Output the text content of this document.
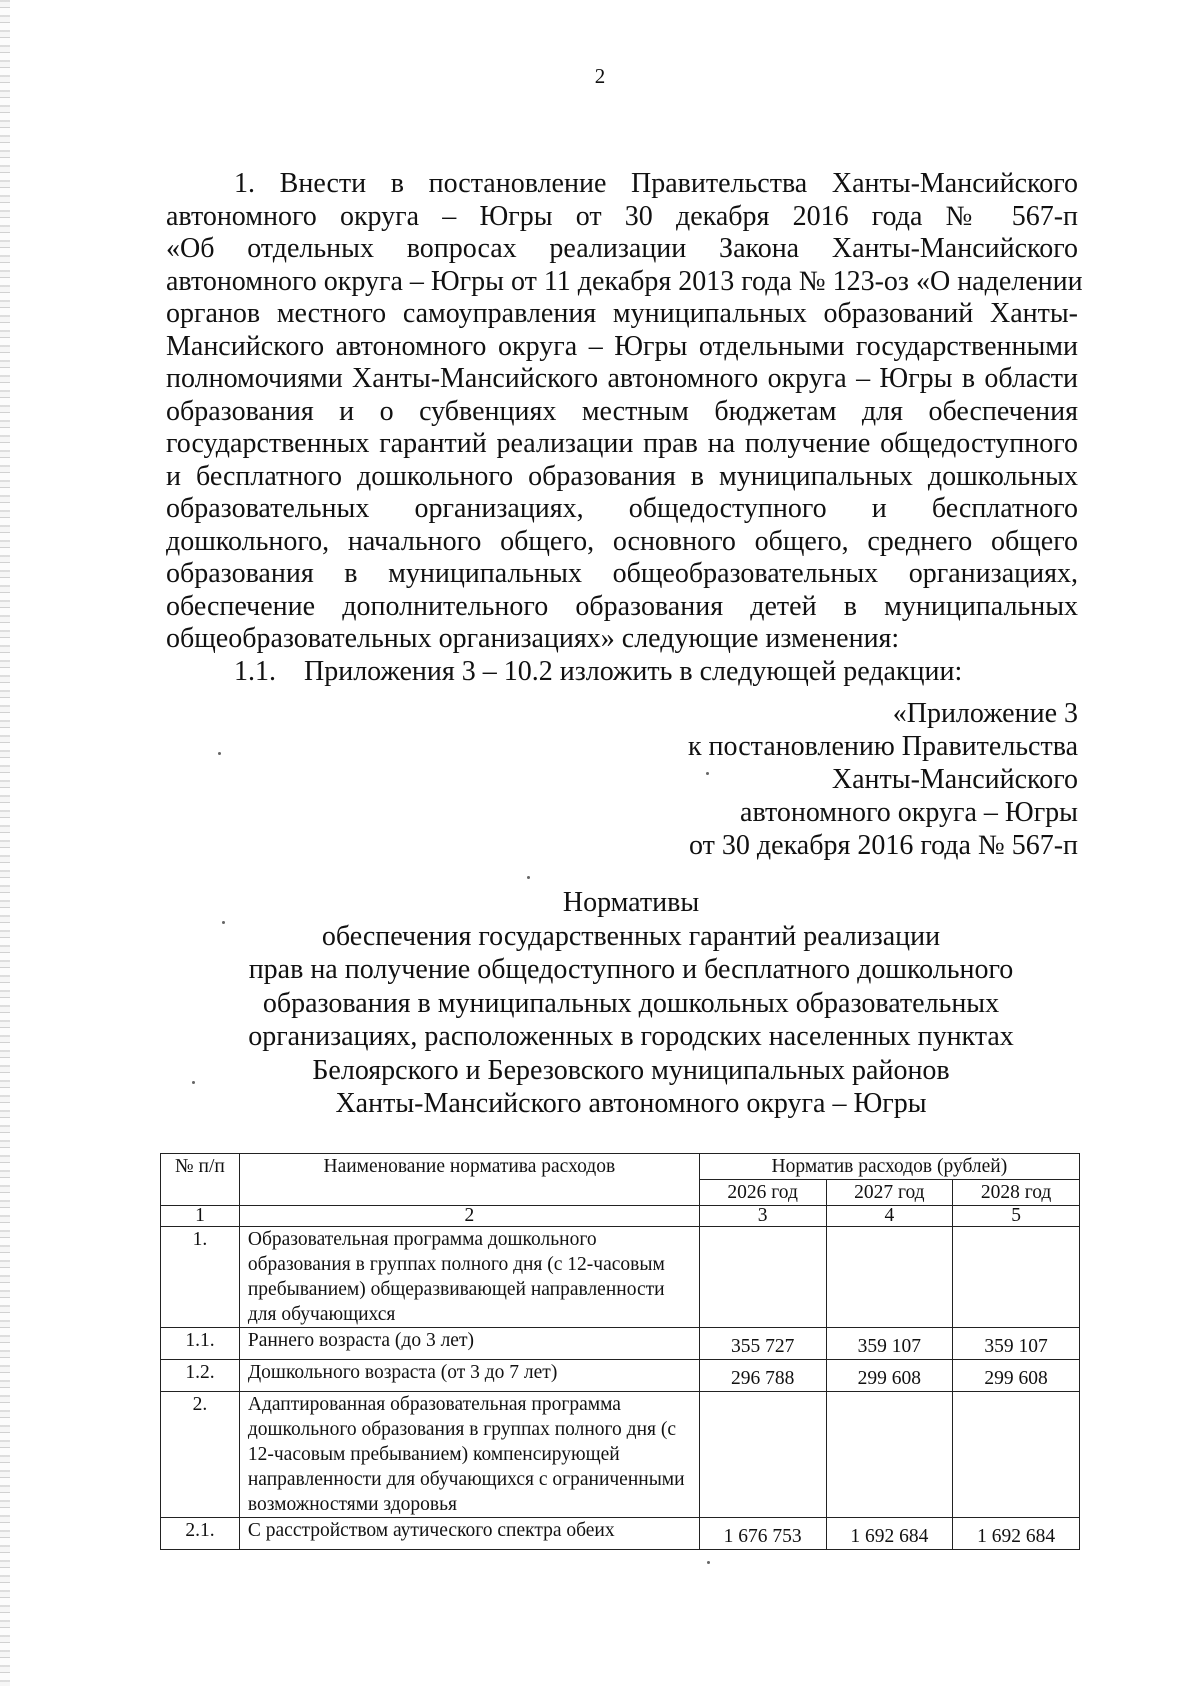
2
1. Внести в постановление Правительства Ханты-Мансийского
автономного округа – Югры от 30 декабря 2016 года № 567-п
«Об отдельных вопросах реализации Закона Ханты-Мансийского
автономного округа – Югры от 11 декабря 2013 года № 123-оз «О наделении
органов местного самоуправления муниципальных образований Ханты-
Мансийского автономного округа – Югры отдельными государственными
полномочиями Ханты-Мансийского автономного округа – Югры в области
образования и о субвенциях местным бюджетам для обеспечения
государственных гарантий реализации прав на получение общедоступного
и бесплатного дошкольного образования в муниципальных дошкольных
образовательных организациях, общедоступного и бесплатного
дошкольного, начального общего, основного общего, среднего общего
образования в муниципальных общеобразовательных организациях,
обеспечение дополнительного образования детей в муниципальных
общеобразовательных организациях» следующие изменения:
1.1. Приложения 3 – 10.2 изложить в следующей редакции:
«Приложение 3
к постановлению Правительства
Ханты-Мансийского
автономного округа – Югры
от 30 декабря 2016 года № 567-п
Нормативы
обеспечения государственных гарантий реализации
прав на получение общедоступного и бесплатного дошкольного
образования в муниципальных дошкольных образовательных
организациях, расположенных в городских населенных пунктах
Белоярского и Березовского муниципальных районов
Ханты-Мансийского автономного округа – Югры
№ п/п	Наименование норматива расходов	Норматив расходов (рублей)		
		2026 год	2027 год	2028 год
1	2	3	4	5
1.	Образовательная программа дошкольного образования в группах полного дня (с 12-часовым пребыванием) общеразвивающей направленности для обучающихся			
1.1.	Раннего возраста (до 3 лет)	355 727	359 107	359 107
1.2.	Дошкольного возраста (от 3 до 7 лет)	296 788	299 608	299 608
2.	Адаптированная образовательная программа дошкольного образования в группах полного дня (с 12-часовым пребыванием) компенсирующей направленности для обучающихся с ограниченными возможностями здоровья			
2.1.	С расстройством аутического спектра обеих	1 676 753	1 692 684	1 692 684
